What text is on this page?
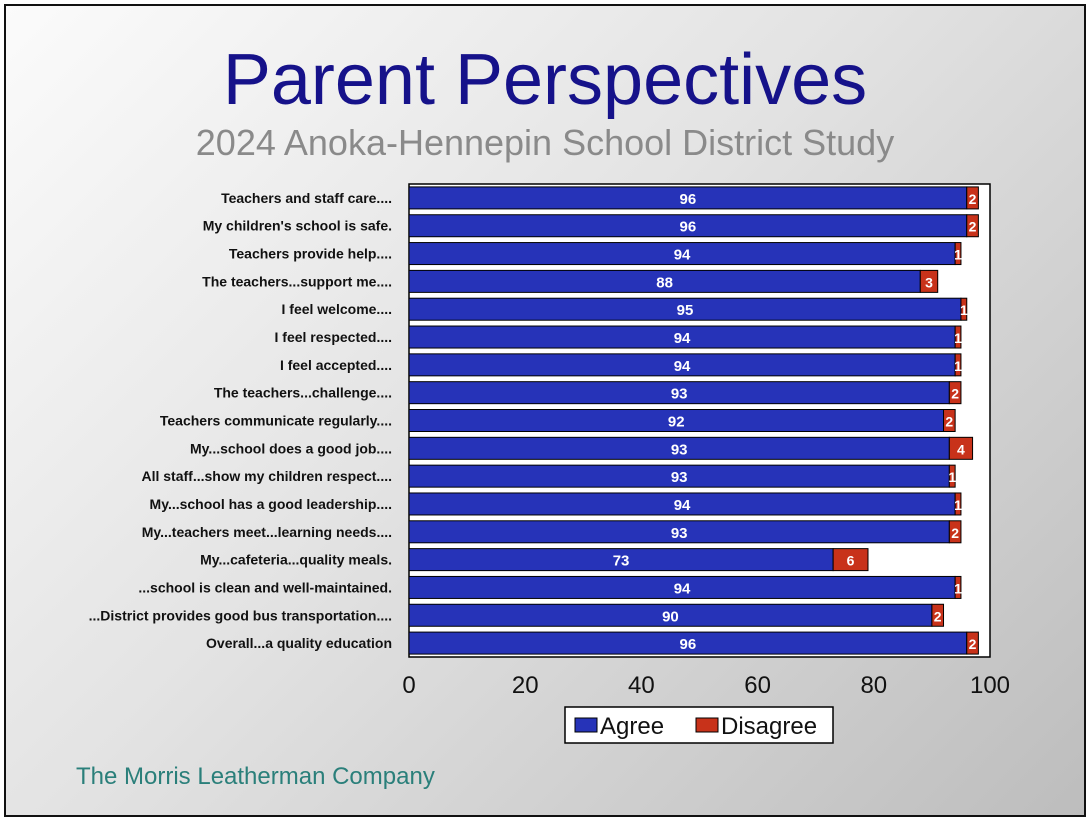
Parent Perspectives
2024 Anoka-Hennepin School District Study
Teachers and staff care....	96	2
My children's school is safe.	96	2
Teachers provide help....	94	1
The teachers...support me....	88	3
I feel welcome....	95	1
I feel respected....	94	1
I feel accepted....	94	1
The teachers...challenge....	93	2
Teachers communicate regularly....	92	2
My...school does a good job....	93	4
All staff...show my children respect....	93	1
My...school has a good leadership....	94	1
My...teachers meet...learning needs....	93	2
My...cafeteria...quality meals.	73	6
...school is clean and well-maintained.	94	1
...District provides good bus transportation....	90	2
Overall...a quality education	96	2
0	20	40	60	80	100
Agree Disagree
The Morris Leatherman Company
